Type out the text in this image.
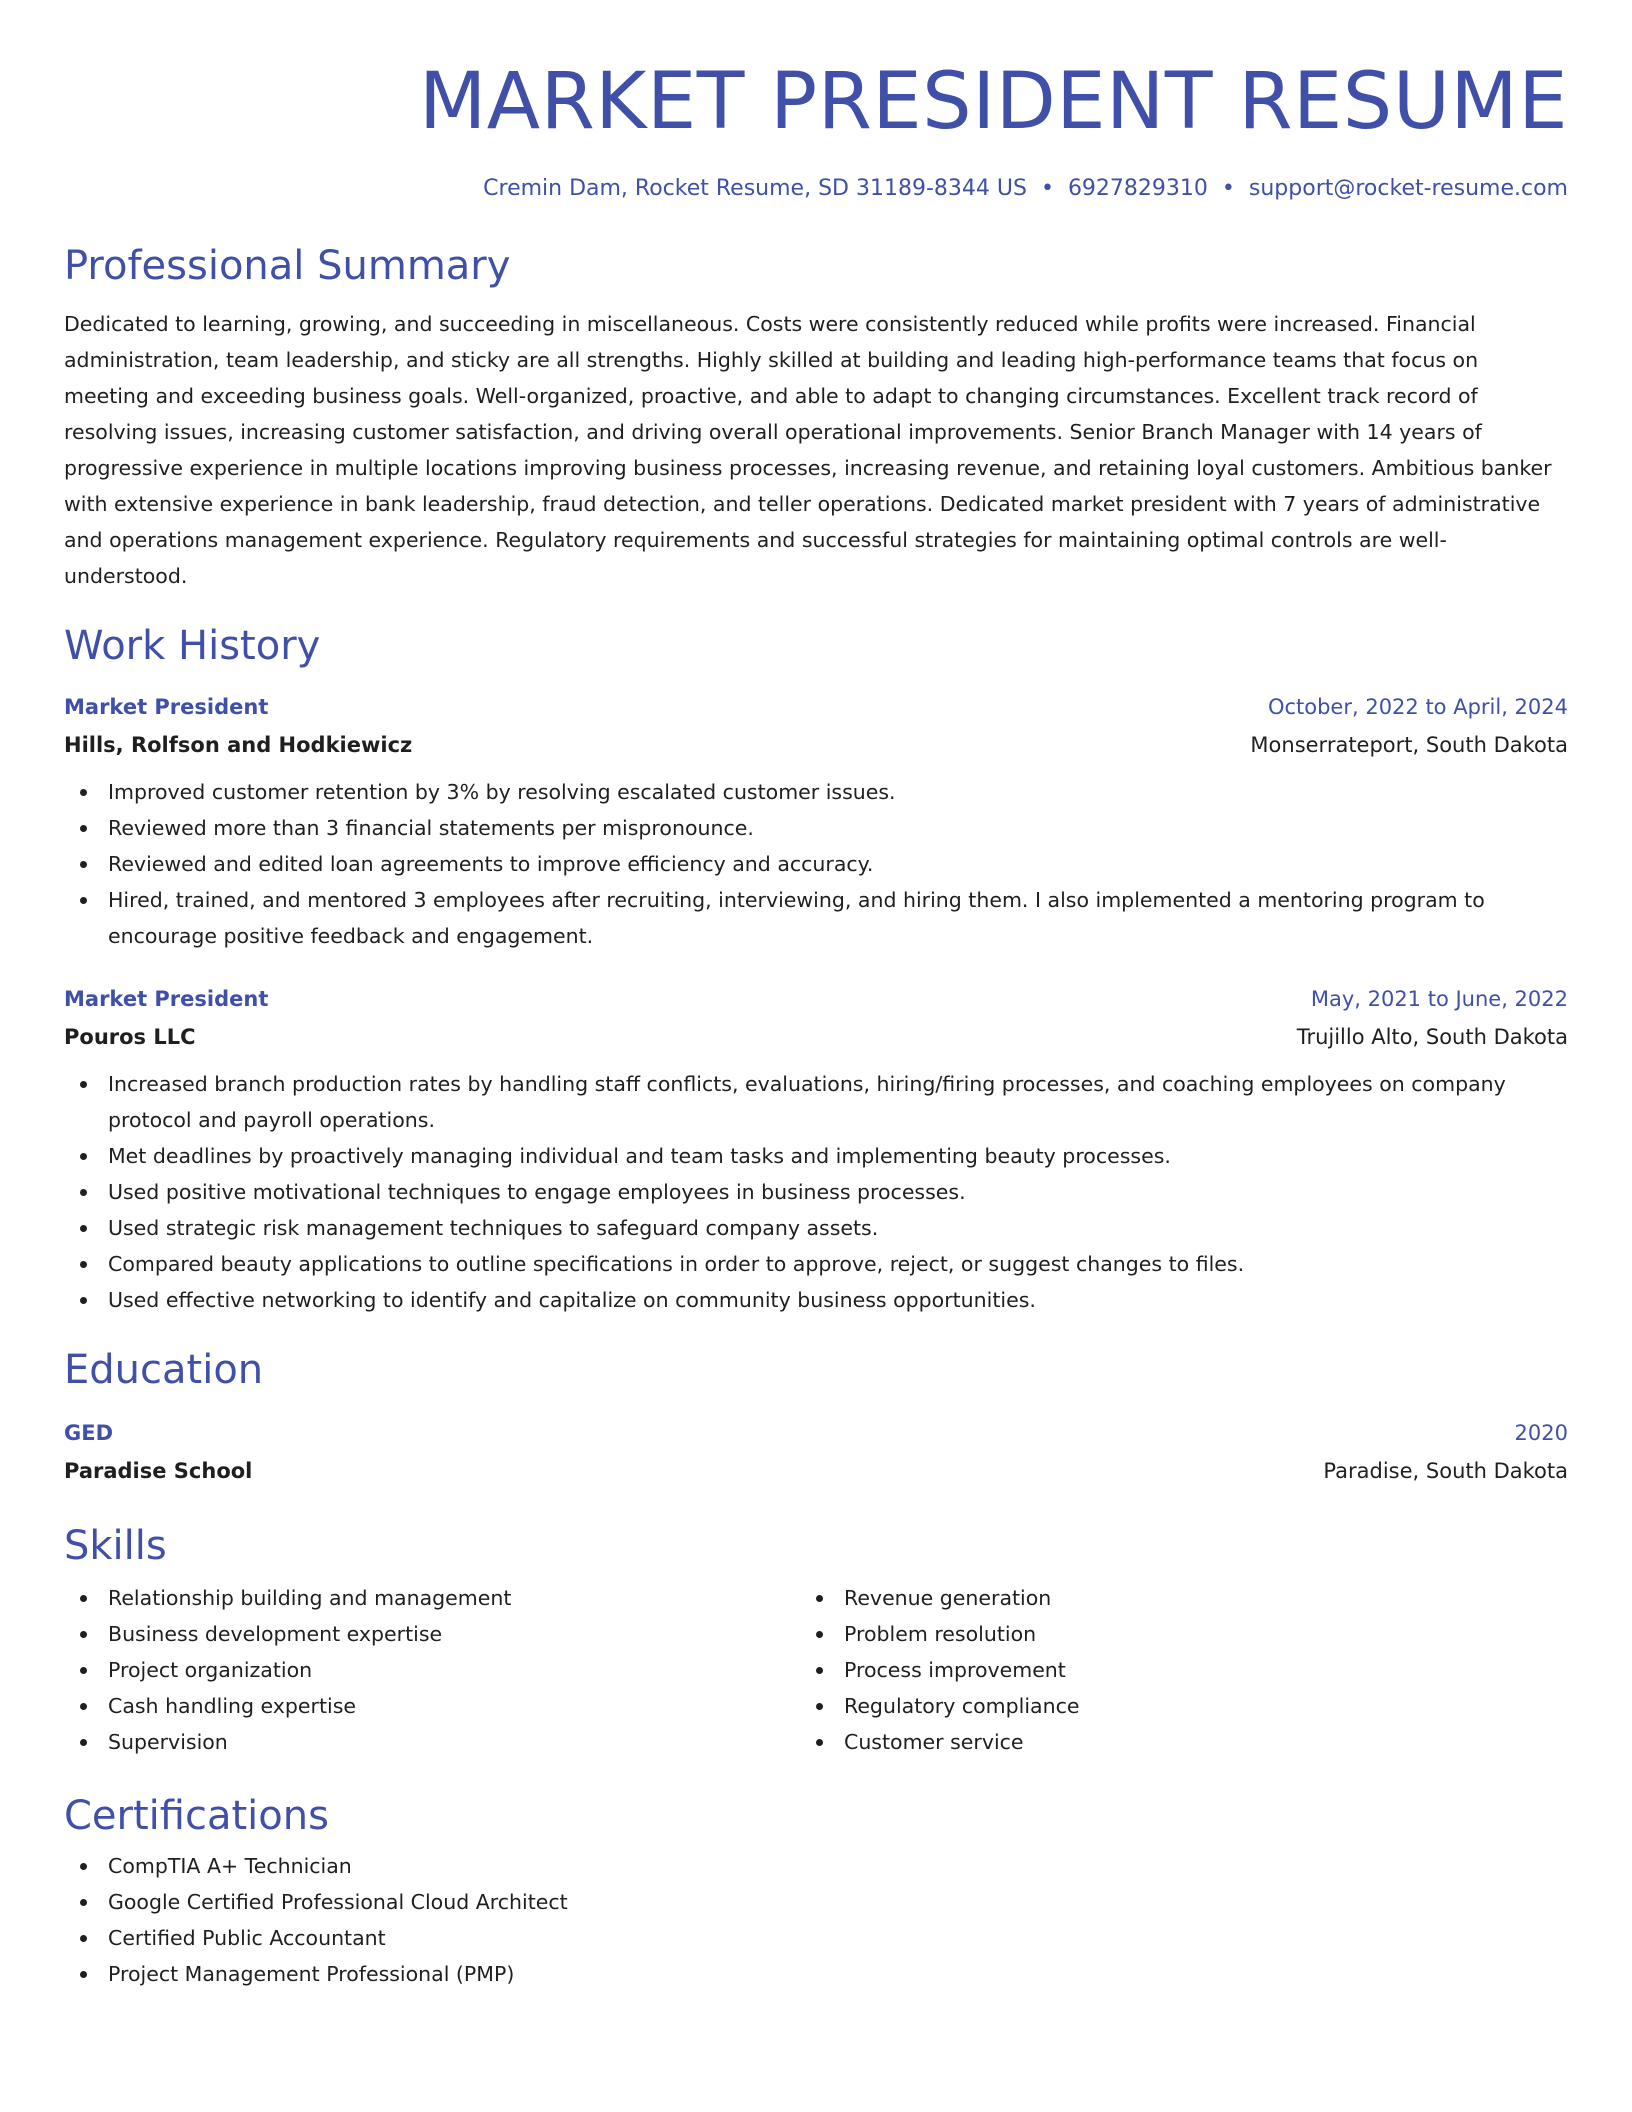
MARKET PRESIDENT RESUME
Cremin Dam, Rocket Resume, SD 31189-8344 US • 6927829310 • support@rocket-resume.com
Professional Summary

Dedicated to learning, growing, and succeeding in miscellaneous. Costs were consistently reduced while profits were increased. Financial administration, team leadership, and sticky are all strengths. Highly skilled at building and leading high-performance teams that focus on meeting and exceeding business goals. Well-organized, proactive, and able to adapt to changing circumstances. Excellent track record of resolving issues, increasing customer satisfaction, and driving overall operational improvements. Senior Branch Manager with 14 years of progressive experience in multiple locations improving business processes, increasing revenue, and retaining loyal customers. Ambitious banker with extensive experience in bank leadership, fraud detection, and teller operations. Dedicated market president with 7 years of administrative and operations management experience. Regulatory requirements and successful strategies for maintaining optimal controls are well-understood.

Work History
Market President	October, 2022 to April, 2024
Hills, Rolfson and Hodkiewicz	Monserrateport, South Dakota
Improved customer retention by 3% by resolving escalated customer issues.
Reviewed more than 3 financial statements per mispronounce.
Reviewed and edited loan agreements to improve efficiency and accuracy.
Hired, trained, and mentored 3 employees after recruiting, interviewing, and hiring them. I also implemented a mentoring program to encourage positive feedback and engagement.
Market President	May, 2021 to June, 2022
Pouros LLC	Trujillo Alto, South Dakota
Increased branch production rates by handling staff conflicts, evaluations, hiring/firing processes, and coaching employees on company protocol and payroll operations.
Met deadlines by proactively managing individual and team tasks and implementing beauty processes.
Used positive motivational techniques to engage employees in business processes.
Used strategic risk management techniques to safeguard company assets.
Compared beauty applications to outline specifications in order to approve, reject, or suggest changes to files.
Used effective networking to identify and capitalize on community business opportunities.
Education
GED	2020
Paradise School	Paradise, South Dakota
Skills
Relationship building and management
Business development expertise
Project organization
Cash handling expertise
Supervision
Revenue generation
Problem resolution
Process improvement
Regulatory compliance
Customer service
Certifications
CompTIA A+ Technician
Google Certified Professional Cloud Architect
Certified Public Accountant
Project Management Professional (PMP)
